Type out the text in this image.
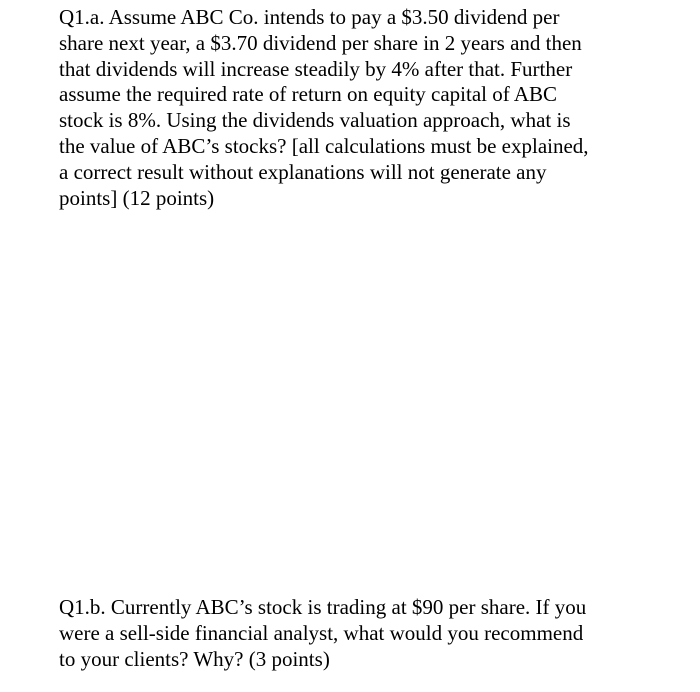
Q1.a. Assume ABC Co. intends to pay a $3.50 dividend per
share next year, a $3.70 dividend per share in 2 years and then
that dividends will increase steadily by 4% after that. Further
assume the required rate of return on equity capital of ABC
stock is 8%. Using the dividends valuation approach, what is
the value of ABC’s stocks? [all calculations must be explained,
a correct result without explanations will not generate any
points] (12 points)
Q1.b. Currently ABC’s stock is trading at $90 per share. If you
were a sell-side financial analyst, what would you recommend
to your clients? Why? (3 points)
